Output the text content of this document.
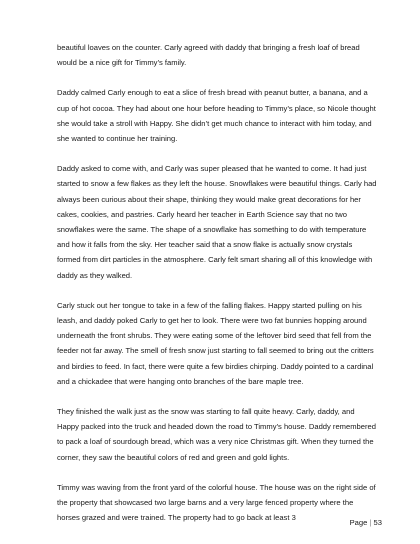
beautiful loaves on the counter. Carly agreed with daddy that bringing a fresh loaf of bread would be a nice gift for Timmy’s family.

Daddy calmed Carly enough to eat a slice of fresh bread with peanut butter, a banana, and a cup of hot cocoa. They had about one hour before heading to Timmy’s place, so Nicole thought she would take a stroll with Happy. She didn’t get much chance to interact with him today, and she wanted to continue her training.

Daddy asked to come with, and Carly was super pleased that he wanted to come. It had just started to snow a few flakes as they left the house. Snowflakes were beautiful things. Carly had always been curious about their shape, thinking they would make great decorations for her cakes, cookies, and pastries. Carly heard her teacher in Earth Science say that no two snowflakes were the same. The shape of a snowflake has something to do with temperature and how it falls from the sky. Her teacher said that a snow flake is actually snow crystals formed from dirt particles in the atmosphere. Carly felt smart sharing all of this knowledge with daddy as they walked.

Carly stuck out her tongue to take in a few of the falling flakes. Happy started pulling on his leash, and daddy poked Carly to get her to look. There were two fat bunnies hopping around underneath the front shrubs. They were eating some of the leftover bird seed that fell from the feeder not far away. The smell of fresh snow just starting to fall seemed to bring out the critters and birdies to feed. In fact, there were quite a few birdies chirping. Daddy pointed to a cardinal and a chickadee that were hanging onto branches of the bare maple tree.

They finished the walk just as the snow was starting to fall quite heavy. Carly, daddy, and Happy packed into the truck and headed down the road to Timmy’s house. Daddy remembered to pack a loaf of sourdough bread, which was a very nice Christmas gift. When they turned the corner, they saw the beautiful colors of red and green and gold lights.

Timmy was waving from the front yard of the colorful house. The house was on the right side of the property that showcased two large barns and a very large fenced property where the horses grazed and were trained. The property had to go back at least 3

Page | 53
